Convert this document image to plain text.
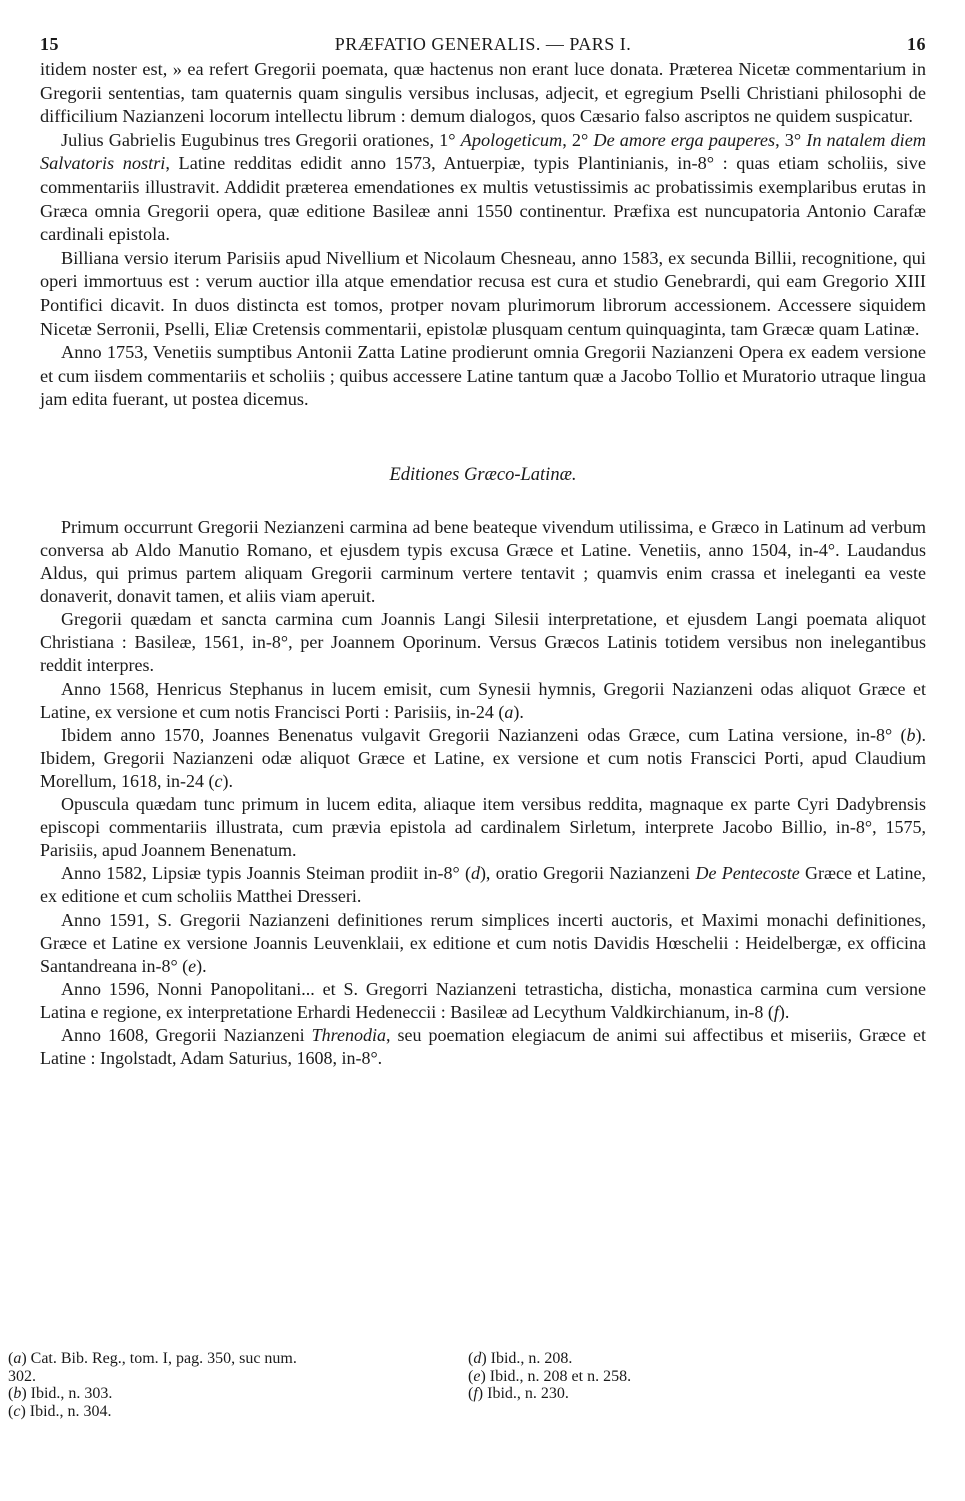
15	PRÆFATIO GENERALIS. — PARS I.	16

itidem noster est, » ea refert Gregorii poemata, quæ hactenus non erant luce donata. Præterea Nicetæ commentarium in Gregorii sententias, tam quaternis quam singulis versibus inclusas, adjecit, et egregium Pselli Christiani philosophi de difficilium Nazianzeni locorum intellectu librum : demum dialogos, quos Cæsario falso ascriptos ne quidem suspicatur.

Julius Gabrielis Eugubinus tres Gregorii orationes, 1° Apologeticum, 2° De amore erga pauperes, 3° In natalem diem Salvatoris nostri, Latine redditas edidit anno 1573, Antuerpiæ, typis Plantinianis, in-8° : quas etiam scholiis, sive commentariis illustravit. Addidit præterea emendationes ex multis vetustissimis ac probatissimis exemplaribus erutas in Græca omnia Gregorii opera, quæ editione Basileæ anni 1550 continentur. Præfixa est nuncupatoria Antonio Carafæ cardinali epistola.

Billiana versio iterum Parisiis apud Nivellium et Nicolaum Chesneau, anno 1583, ex secunda Billii, recognitione, qui operi immortuus est : verum auctior illa atque emendatior recusa est cura et studio Genebrardi, qui eam Gregorio XIII Pontifici dicavit. In duos distincta est tomos, protper novam plurimorum librorum accessionem. Accessere siquidem Nicetæ Serronii, Pselli, Eliæ Cretensis commentarii, epistolæ plusquam centum quinquaginta, tam Græcæ quam Latinæ.

Anno 1753, Venetiis sumptibus Antonii Zatta Latine prodierunt omnia Gregorii Nazianzeni Opera ex eadem versione et cum iisdem commentariis et scholiis ; quibus accessere Latine tantum quæ a Jacobo Tollio et Muratorio utraque lingua jam edita fuerant, ut postea dicemus.

Editiones Græco-Latinæ.

Primum occurrunt Gregorii Nezianzeni carmina ad bene beateque vivendum utilissima, e Græco in Latinum ad verbum conversa ab Aldo Manutio Romano, et ejusdem typis excusa Græce et Latine. Venetiis, anno 1504, in-4°. Laudandus Aldus, qui primus partem aliquam Gregorii carminum vertere tentavit ; quamvis enim crassa et ineleganti ea veste donaverit, donavit tamen, et aliis viam aperuit.

Gregorii quædam et sancta carmina cum Joannis Langi Silesii interpretatione, et ejusdem Langi poemata aliquot Christiana : Basileæ, 1561, in-8°, per Joannem Oporinum. Versus Græcos Latinis totidem versibus non inelegantibus reddit interpres.

Anno 1568, Henricus Stephanus in lucem emisit, cum Synesii hymnis, Gregorii Nazianzeni odas aliquot Græce et Latine, ex versione et cum notis Francisci Porti : Parisiis, in-24 (a).

Ibidem anno 1570, Joannes Benenatus vulgavit Gregorii Nazianzeni odas Græce, cum Latina versione, in-8° (b). Ibidem, Gregorii Nazianzeni odæ aliquot Græce et Latine, ex versione et cum notis Franscici Porti, apud Claudium Morellum, 1618, in-24 (c).

Opuscula quædam tunc primum in lucem edita, aliaque item versibus reddita, magnaque ex parte Cyri Dadybrensis episcopi commentariis illustrata, cum prævia epistola ad cardinalem Sirletum, interprete Jacobo Billio, in-8°, 1575, Parisiis, apud Joannem Benenatum.

Anno 1582, Lipsiæ typis Joannis Steiman prodiit in-8° (d), oratio Gregorii Nazianzeni De Pentecoste Græce et Latine, ex editione et cum scholiis Matthei Dresseri.

Anno 1591, S. Gregorii Nazianzeni definitiones rerum simplices incerti auctoris, et Maximi monachi definitiones, Græce et Latine ex versione Joannis Leuvenklaii, ex editione et cum notis Davidis Hœschelii : Heidelbergæ, ex officina Santandreana in-8° (e).

Anno 1596, Nonni Panopolitani... et S. Gregorri Nazianzeni tetrasticha, disticha, monastica carmina cum versione Latina e regione, ex interpretatione Erhardi Hedeneccii : Basileæ ad Lecythum Valdkirchianum, in-8 (f).

Anno 1608, Gregorii Nazianzeni Threnodia, seu poemation elegiacum de animi sui affectibus et miseriis, Græce et Latine : Ingolstadt, Adam Saturius, 1608, in-8°.

(a) Cat. Bib. Reg., tom. I, pag. 350, suc num.
302.
(b) Ibid., n. 303.
(c) Ibid., n. 304.
(d) Ibid., n. 208.
(e) Ibid., n. 208 et n. 258.
(f) Ibid., n. 230.
